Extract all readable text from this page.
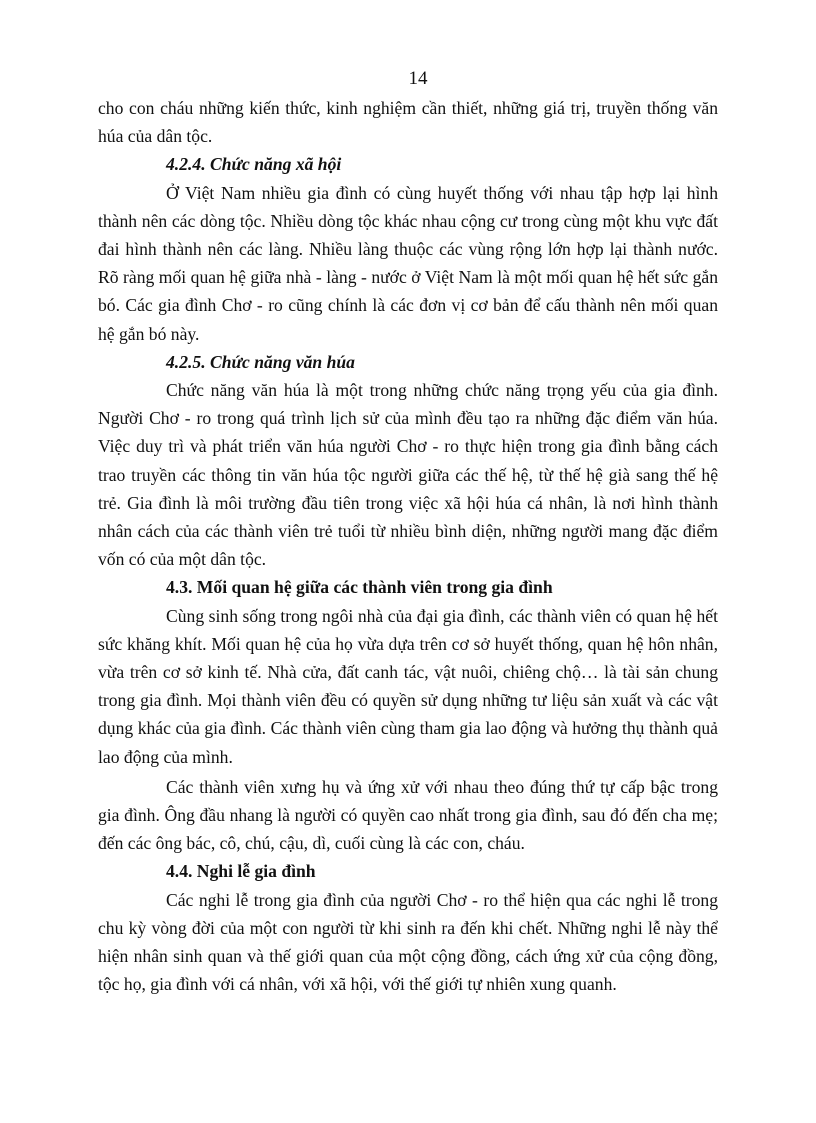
14

cho con cháu những kiến thức, kinh nghiệm cần thiết, những giá trị, truyền thống văn húa của dân tộc.

4.2.4. Chức năng xã hội

Ở Việt Nam nhiều gia đình có cùng huyết thống với nhau tập hợp lại hình thành nên các dòng tộc. Nhiều dòng tộc khác nhau cộng cư trong cùng một khu vực đất đai hình thành nên các làng. Nhiều làng thuộc các vùng rộng lớn hợp lại thành nước. Rõ ràng mối quan hệ giữa nhà - làng - nước ở Việt Nam là một mối quan hệ hết sức gắn bó. Các gia đình Chơ - ro cũng chính là các đơn vị cơ bản để cấu thành nên mối quan hệ gắn bó này.

4.2.5. Chức năng văn húa

Chức năng văn húa là một trong những chức năng trọng yếu của gia đình. Người Chơ - ro trong quá trình lịch sử của mình đều tạo ra những đặc điểm văn húa. Việc duy trì và phát triển văn húa người Chơ - ro thực hiện trong gia đình bằng cách trao truyền các thông tin văn húa tộc người giữa các thế hệ, từ thế hệ già sang thế hệ trẻ. Gia đình là môi trường đầu tiên trong việc xã hội húa cá nhân, là nơi hình thành nhân cách của các thành viên trẻ tuổi từ nhiều bình diện, những người mang đặc điểm vốn có của một dân tộc.

4.3. Mối quan hệ giữa các thành viên trong gia đình

Cùng sinh sống trong ngôi nhà của đại gia đình, các thành viên có quan hệ hết sức khăng khít. Mối quan hệ của họ vừa dựa trên cơ sở huyết thống, quan hệ hôn nhân, vừa trên cơ sở kinh tế. Nhà cửa, đất canh tác, vật nuôi, chiêng chộ… là tài sản chung trong gia đình. Mọi thành viên đều có quyền sử dụng những tư liệu sản xuất và các vật dụng khác của gia đình. Các thành viên cùng tham gia lao động và hưởng thụ thành quả lao động của mình.

Các thành viên xưng hụ và ứng xử với nhau theo đúng thứ tự cấp bậc trong gia đình. Ông đầu nhang là người có quyền cao nhất trong gia đình, sau đó đến cha mẹ; đến các ông bác, cô, chú, cậu, dì, cuối cùng là các con, cháu.

4.4. Nghi lễ gia đình

Các nghi lễ trong gia đình của người Chơ - ro thể hiện qua các nghi lễ trong chu kỳ vòng đời của một con người từ khi sinh ra đến khi chết. Những nghi lễ này thể hiện nhân sinh quan và thế giới quan của một cộng đồng, cách ứng xử của cộng đồng, tộc họ, gia đình với cá nhân, với xã hội, với thế giới tự nhiên xung quanh.
